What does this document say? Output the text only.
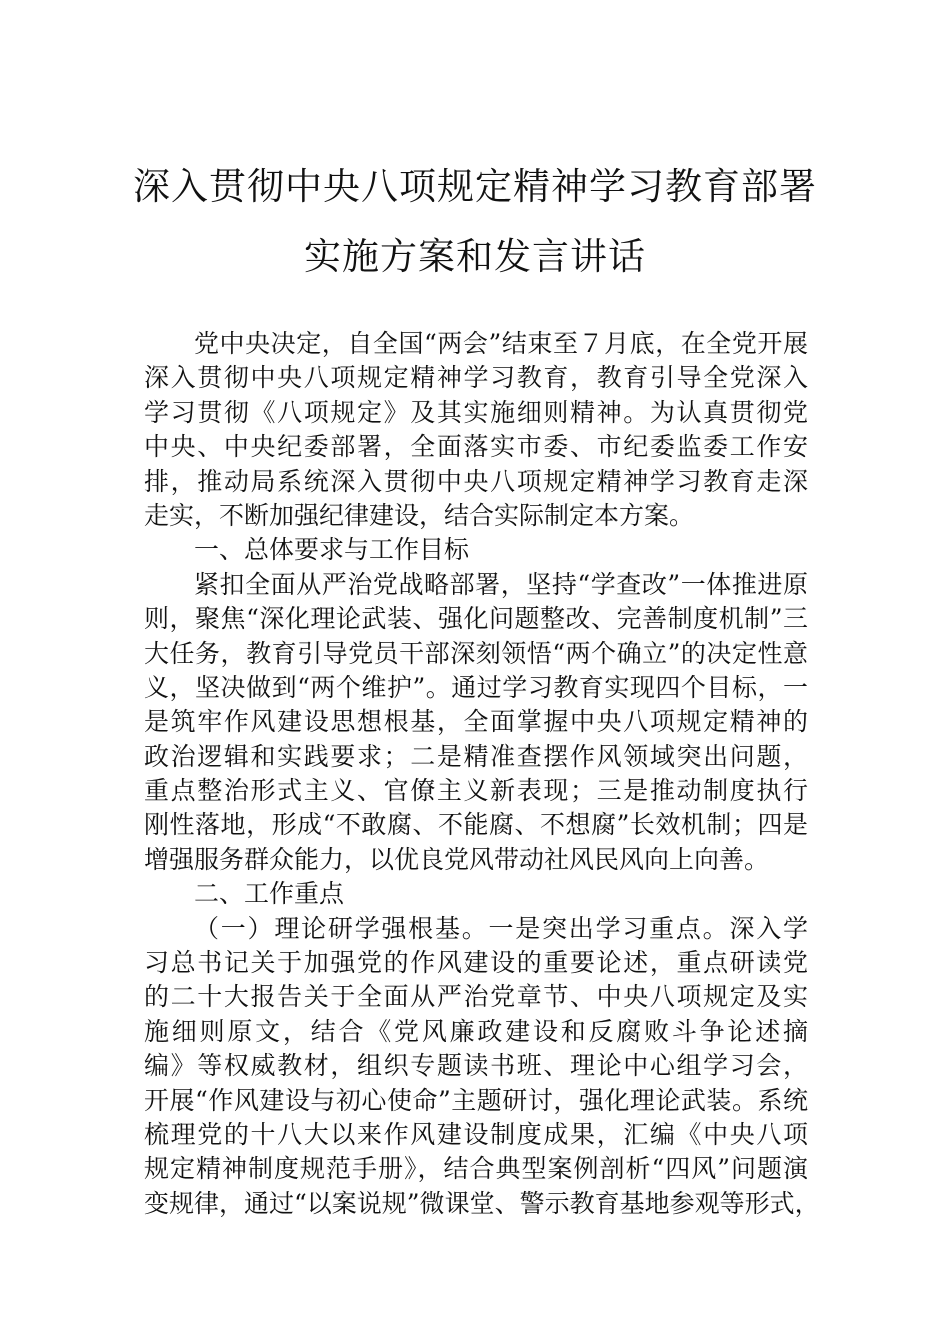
深入贯彻中央八项规定精神学习教育部署
实施方案和发言讲话
党中央决定，自全国“两会”结束至７月底，在全党开展
深入贯彻中央八项规定精神学习教育，教育引导全党深入
学习贯彻《八项规定》及其实施细则精神。为认真贯彻党
中央、中央纪委部署，全面落实市委、市纪委监委工作安
排，推动局系统深入贯彻中央八项规定精神学习教育走深
走实，不断加强纪律建设，结合实际制定本方案。
一、总体要求与工作目标
紧扣全面从严治党战略部署，坚持“学查改”一体推进原
则，聚焦“深化理论武装、强化问题整改、完善制度机制”三
大任务，教育引导党员干部深刻领悟“两个确立”的决定性意
义，坚决做到“两个维护”。通过学习教育实现四个目标，一
是筑牢作风建设思想根基，全面掌握中央八项规定精神的
政治逻辑和实践要求；二是精准查摆作风领域突出问题，
重点整治形式主义、官僚主义新表现；三是推动制度执行
刚性落地，形成“不敢腐、不能腐、不想腐”长效机制；四是
增强服务群众能力，以优良党风带动社风民风向上向善。
二、工作重点
（一）理论研学强根基。一是突出学习重点。深入学
习总书记关于加强党的作风建设的重要论述，重点研读党
的二十大报告关于全面从严治党章节、中央八项规定及实
施细则原文，结合《党风廉政建设和反腐败斗争论述摘
编》等权威教材，组织专题读书班、理论中心组学习会，
开展“作风建设与初心使命”主题研讨，强化理论武装。系统
梳理党的十八大以来作风建设制度成果，汇编《中央八项
规定精神制度规范手册》，结合典型案例剖析“四风”问题演
变规律，通过“以案说规”微课堂、警示教育基地参观等形式，
